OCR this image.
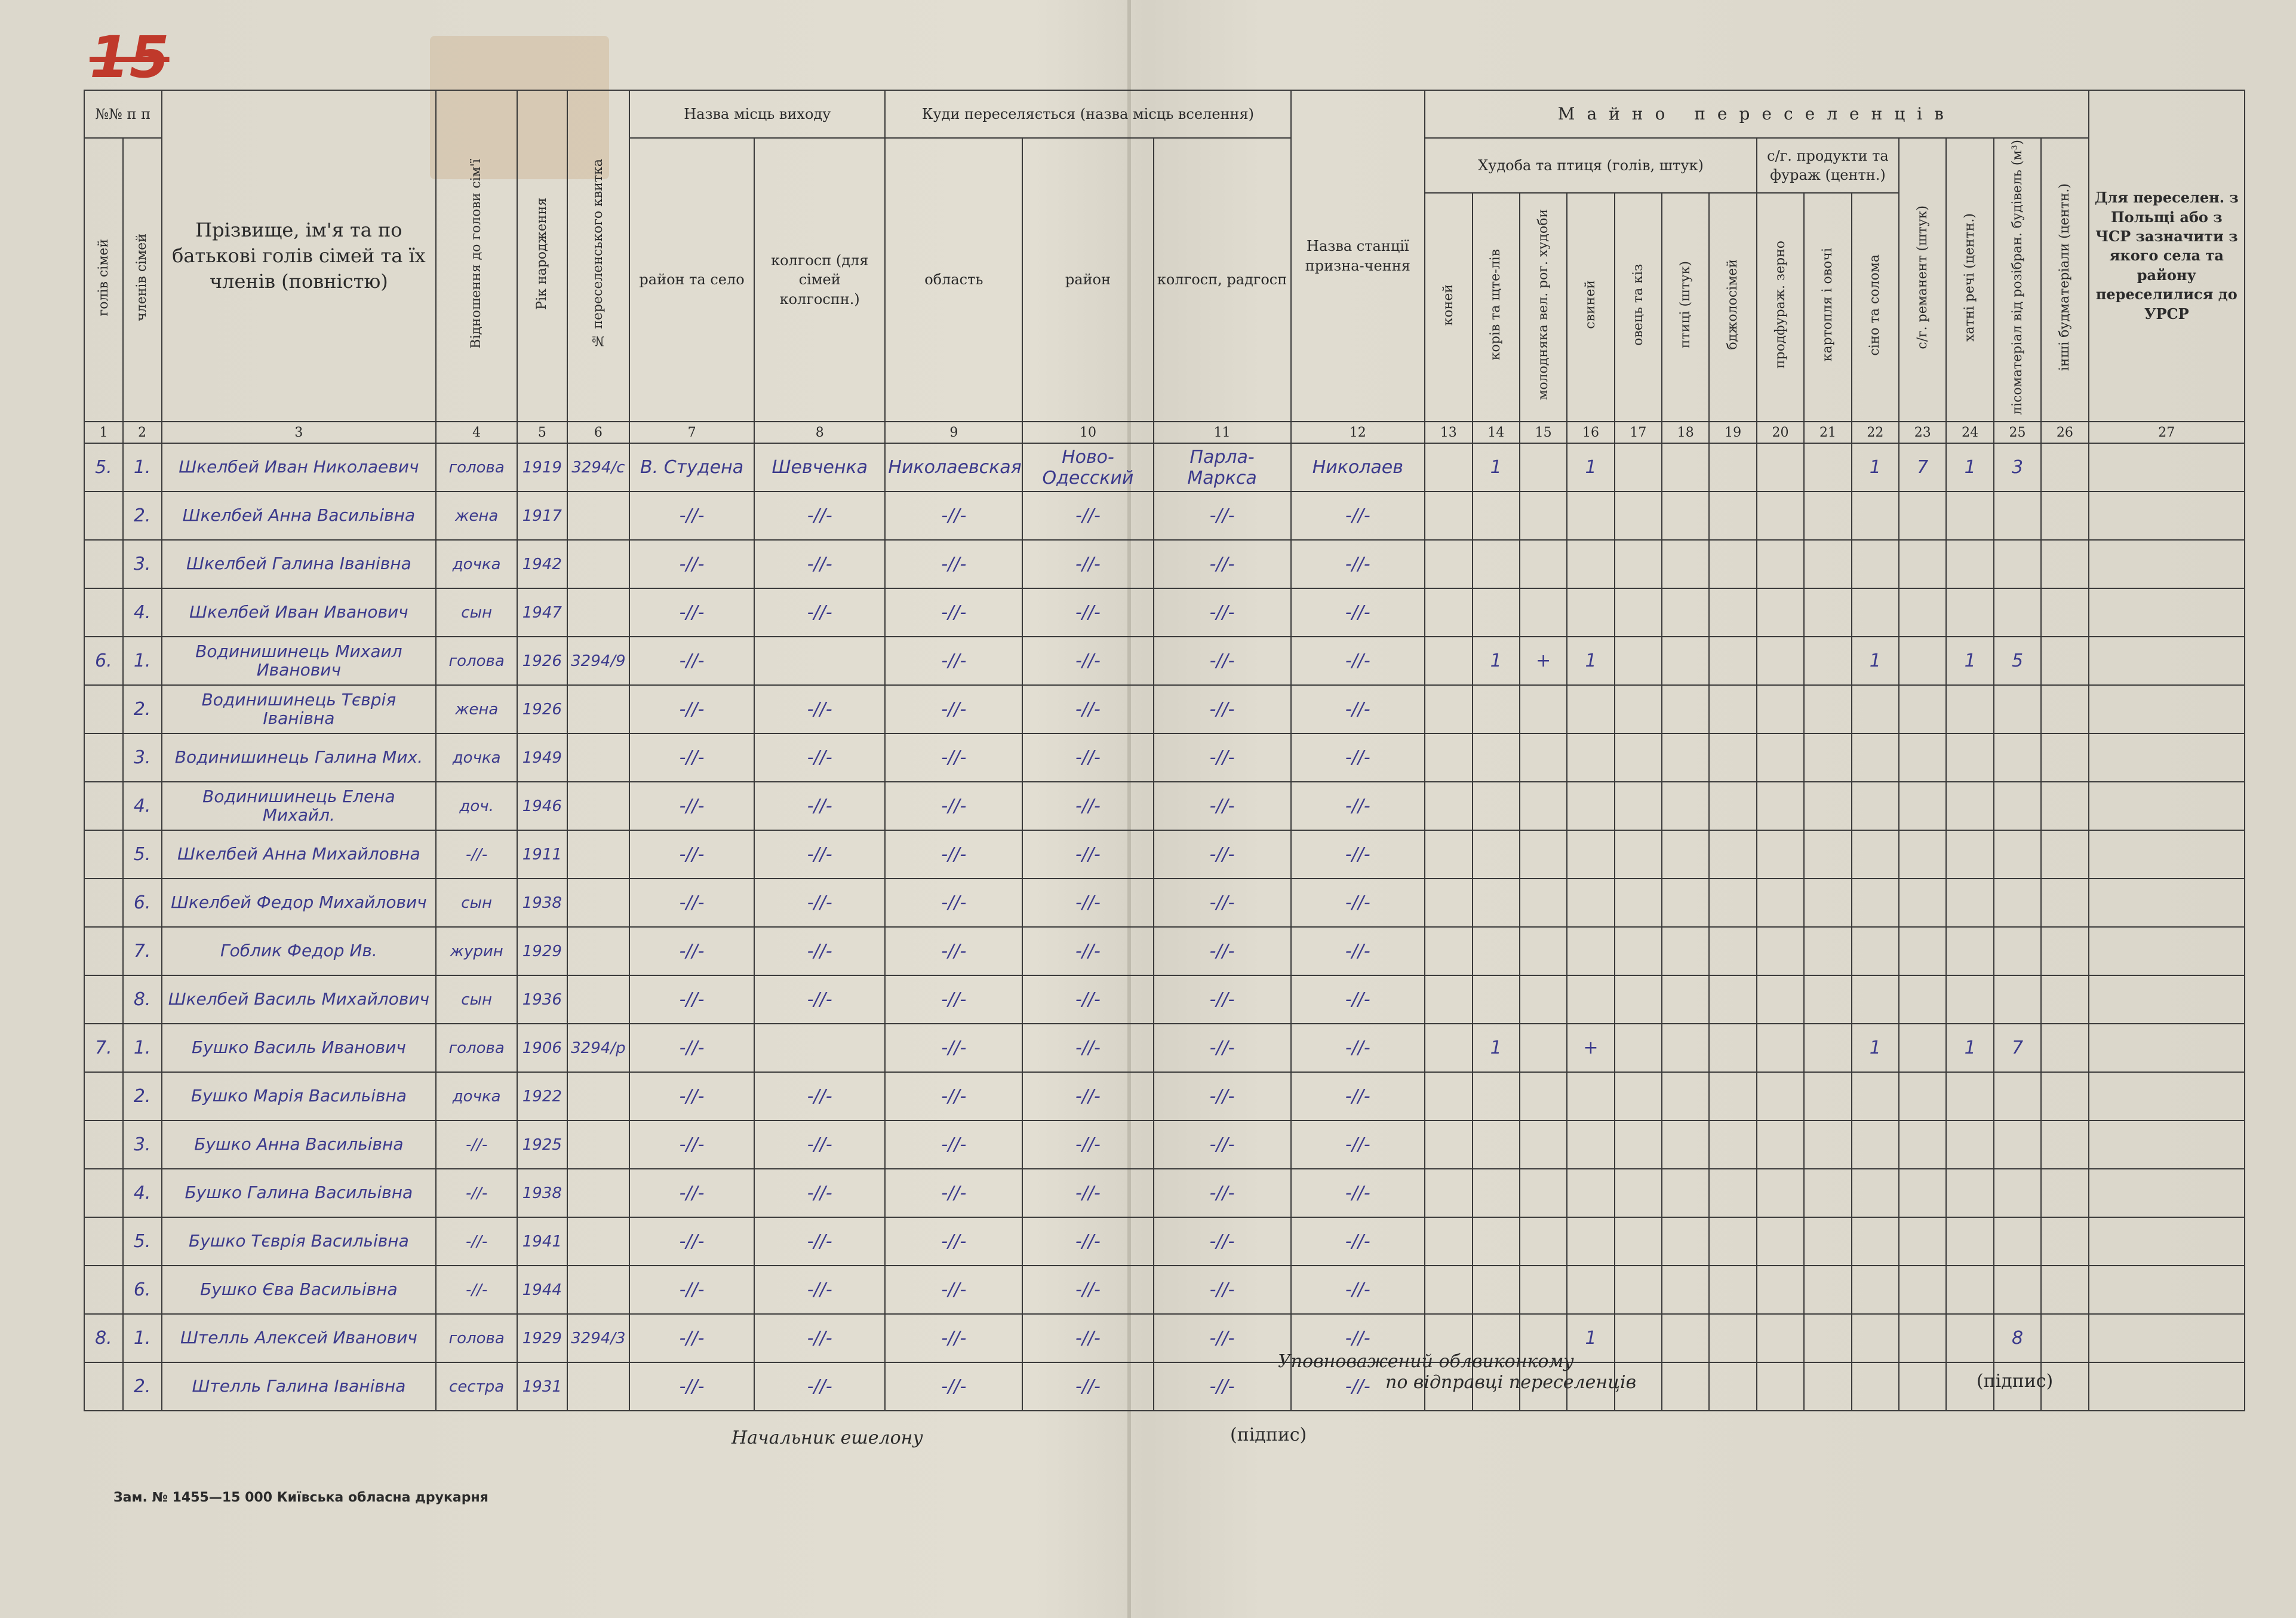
15
№№ п п		Прізвище, ім'я та по батькові голів сімей та їх членів (повністю)	Відношення до голови сім'ї	Рік народження	№ переселенського квитка	Назва місць виходу		Куди переселяється (назва місць вселення)			Назва станції призна-чення	Майно переселенців														Для переселен. з Польщі або з ЧСР зазначити з якого села та району переселилися до УРСР
голів сімей	членів сімей					район та село	колгосп (для сімей колгоспн.)	область	район	колгосп, радгосп		Худоба та птиця (голів, штук)							с/г. продукти та фураж (центн.)			с/г. реманент (штук)	хатні речі (центн.)	лісоматеріал від розібран. будівель (м³)	інші будматеріали (центн.)	
												коней	корів та щте-лів	молодняка вел. рог. худоби	свиней	овець та кіз	птиці (штук)	бджолосімей	продфураж. зерно	картопля і овочі	сіно та солома					
1	2	3	4	5	6	7	8	9	10	11	12	13	14	15	16	17	18	19	20	21	22	23	24	25	26	27
5.	1.	Шкелбей Иван Николаевич	голова	1919	3294/с	В. Студена	Шевченка	Николаевская	Ново-Одесский	Парла-Маркса	Николаев		1		1						1	7	1	3		
	2.	Шкелбей Анна Васильівна	жена	1917		-//-	-//-	-//-	-//-	-//-	-//-															
	3.	Шкелбей Галина Іванівна	дочка	1942		-//-	-//-	-//-	-//-	-//-	-//-															
	4.	Шкелбей Иван Иванович	сын	1947		-//-	-//-	-//-	-//-	-//-	-//-															
6.	1.	Водинишинець Михаил Иванович	голова	1926	3294/9	-//-		-//-	-//-	-//-	-//-		1	+	1						1		1	5		
	2.	Водинишинець Тєврія Іванівна	жена	1926		-//-	-//-	-//-	-//-	-//-	-//-															
	3.	Водинишинець Галина Мих.	дочка	1949		-//-	-//-	-//-	-//-	-//-	-//-															
	4.	Водинишинець Елена Михайл.	доч.	1946		-//-	-//-	-//-	-//-	-//-	-//-															
	5.	Шкелбей Анна Михайловна	-//-	1911		-//-	-//-	-//-	-//-	-//-	-//-															
	6.	Шкелбей Федор Михайлович	сын	1938		-//-	-//-	-//-	-//-	-//-	-//-															
	7.	Гоблик Федор Ив.	журин	1929		-//-	-//-	-//-	-//-	-//-	-//-															
	8.	Шкелбей Василь Михайлович	сын	1936		-//-	-//-	-//-	-//-	-//-	-//-															
7.	1.	Бушко Василь Иванович	голова	1906	3294/р	-//-		-//-	-//-	-//-	-//-		1		+						1		1	7		
	2.	Бушко Марія Васильівна	дочка	1922		-//-	-//-	-//-	-//-	-//-	-//-															
	3.	Бушко Анна Васильівна	-//-	1925		-//-	-//-	-//-	-//-	-//-	-//-															
	4.	Бушко Галина Васильівна	-//-	1938		-//-	-//-	-//-	-//-	-//-	-//-															
	5.	Бушко Тєврія Васильівна	-//-	1941		-//-	-//-	-//-	-//-	-//-	-//-															
	6.	Бушко Єва Васильівна	-//-	1944		-//-	-//-	-//-	-//-	-//-	-//-															
8.	1.	Штелль Алексей Иванович	голова	1929	3294/3	-//-	-//-	-//-	-//-	-//-	-//-				1									8		
	2.	Штелль Галина Іванівна	сестра	1931		-//-	-//-	-//-	-//-	-//-	-//-															
Уповноважений облвиконкому
по відправці переселенців	(підпис)
Начальник ешелону	(підпис)
Зам. № 1455—15 000 Київська обласна друкарня
